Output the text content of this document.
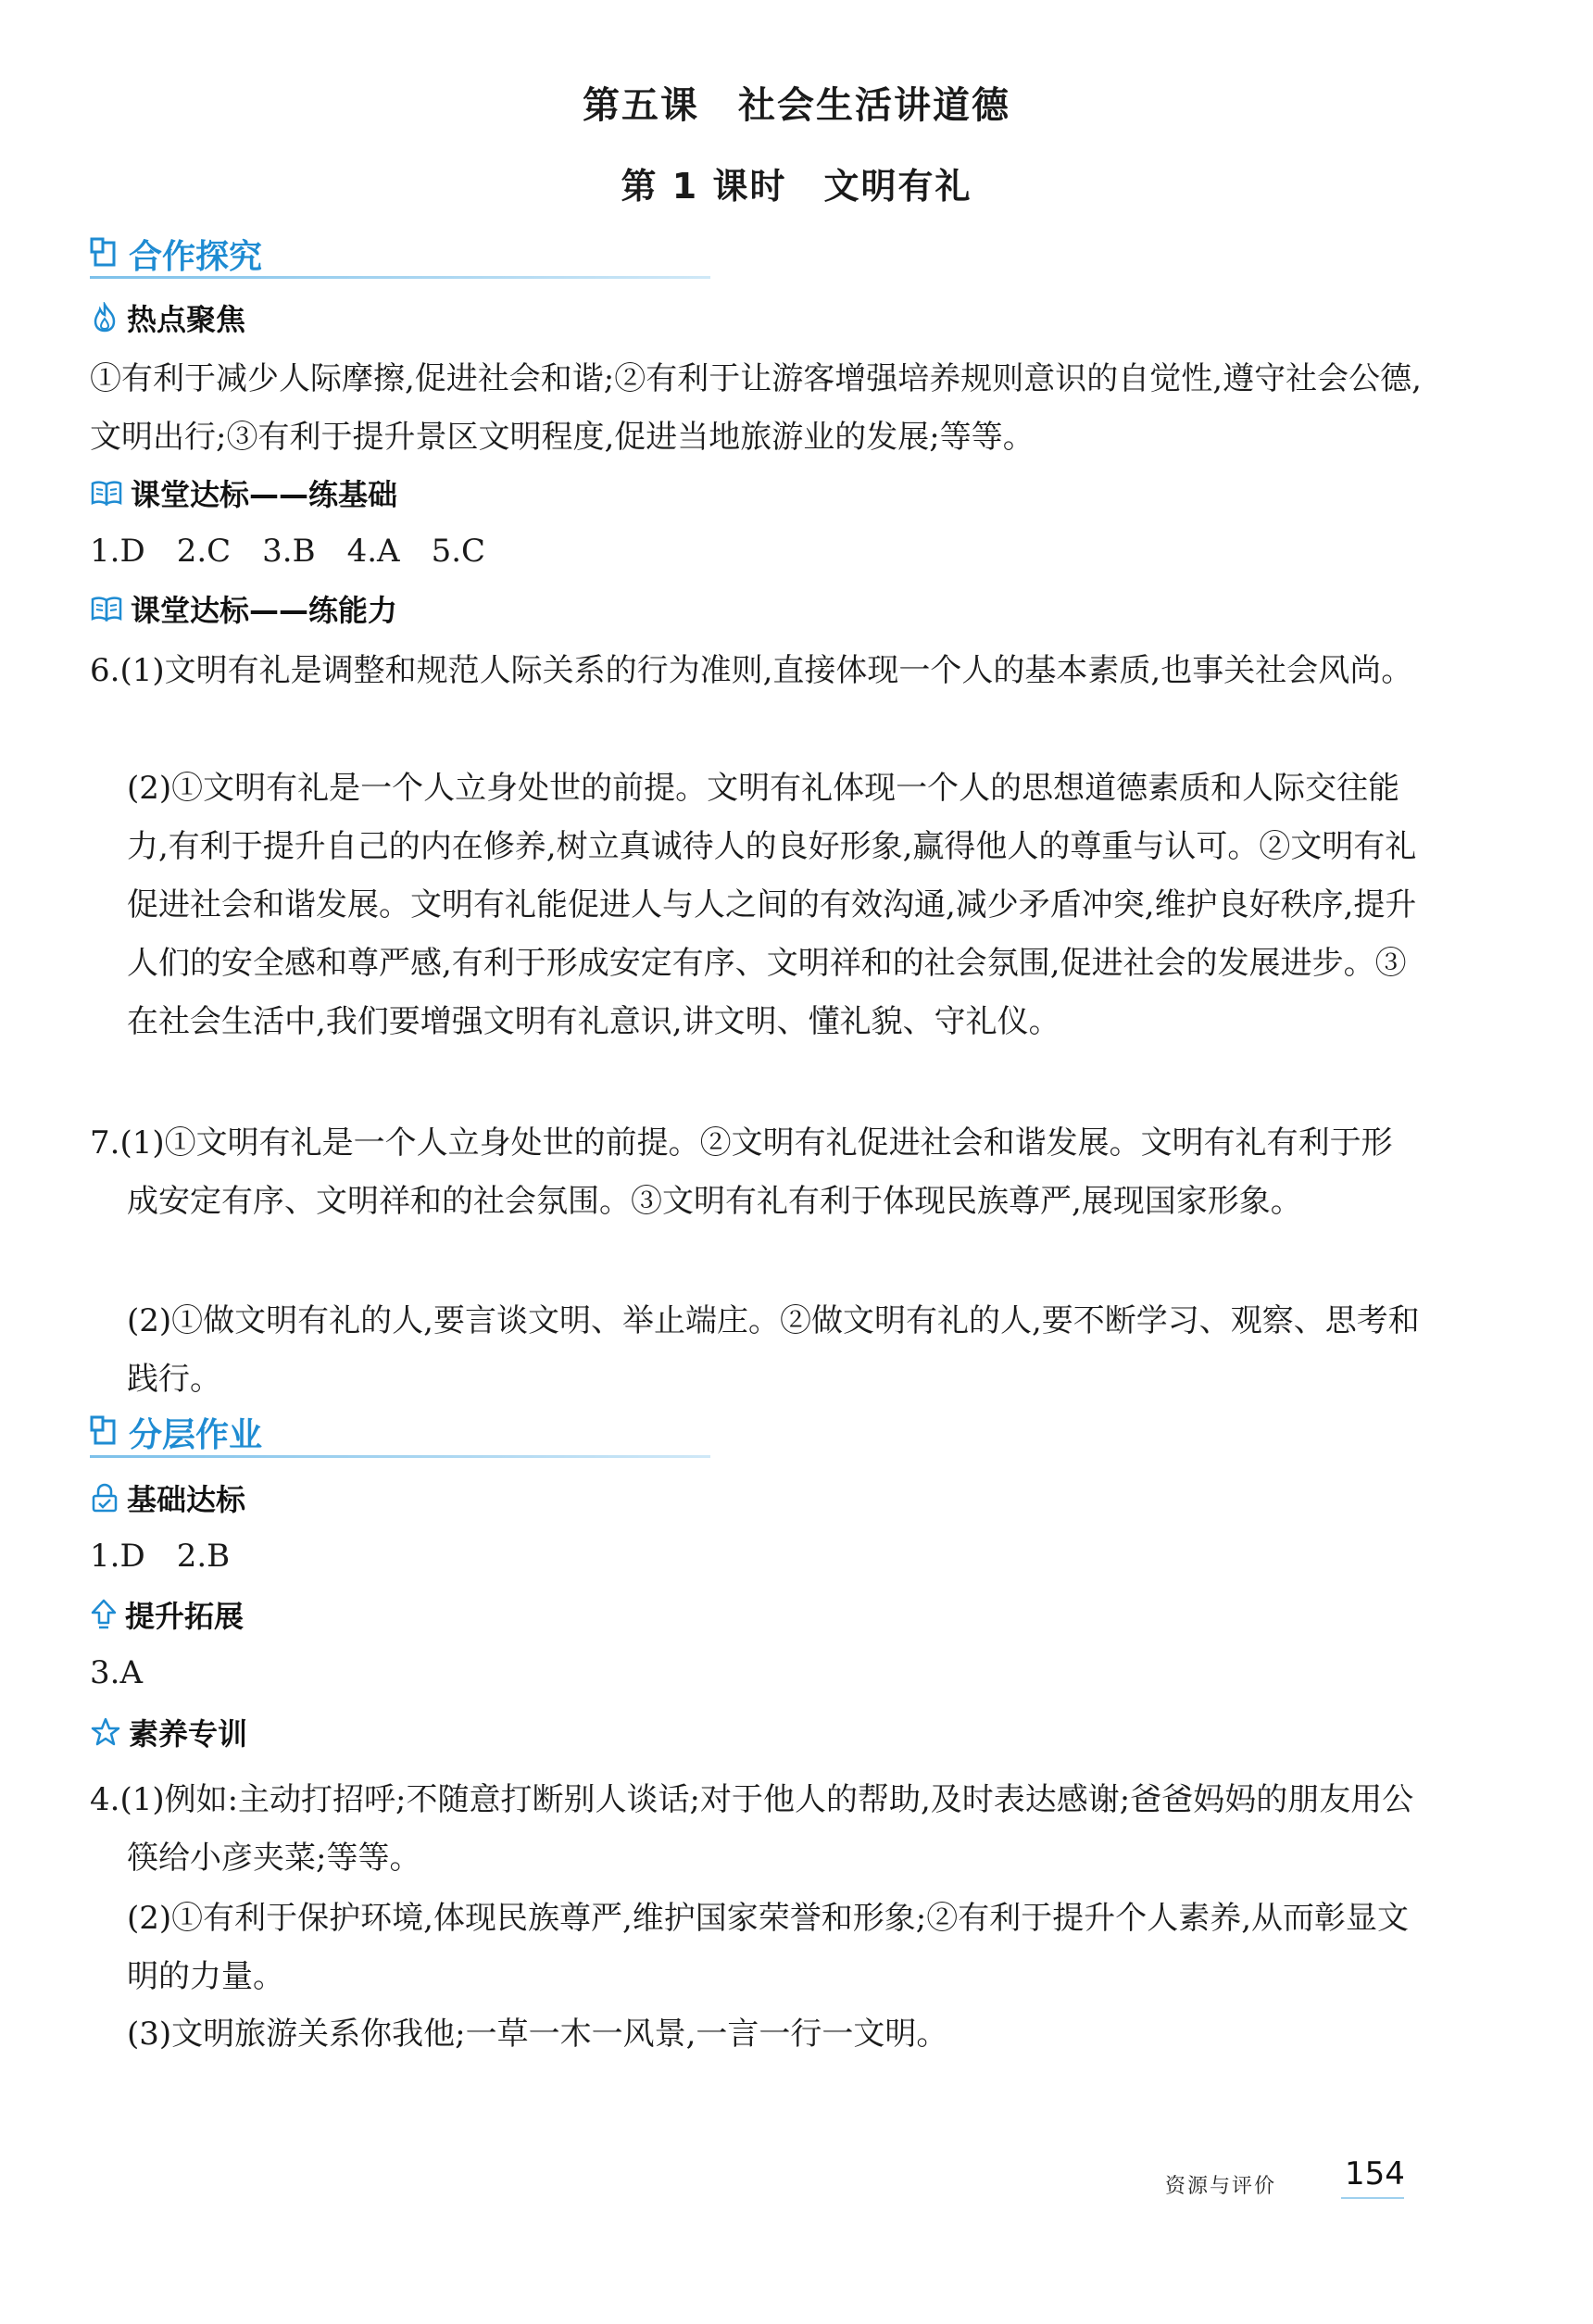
第五课　社会生活讲道德
第 1 课时　文明有礼
合作探究
热点聚焦
①有利于减少人际摩擦,促进社会和谐;②有利于让游客增强培养规则意识的自觉性,遵守社会公德,文明出行;③有利于提升景区文明程度,促进当地旅游业的发展;等等。
课堂达标——练基础
1.D　2.C　3.B　4.A　5.C
课堂达标——练能力
6.(1)文明有礼是调整和规范人际关系的行为准则,直接体现一个人的基本素质,也事关社会风尚。
(2)①文明有礼是一个人立身处世的前提。文明有礼体现一个人的思想道德素质和人际交往能力,有利于提升自己的内在修养,树立真诚待人的良好形象,赢得他人的尊重与认可。②文明有礼促进社会和谐发展。文明有礼能促进人与人之间的有效沟通,减少矛盾冲突,维护良好秩序,提升人们的安全感和尊严感,有利于形成安定有序、文明祥和的社会氛围,促进社会的发展进步。③在社会生活中,我们要增强文明有礼意识,讲文明、懂礼貌、守礼仪。
7.(1)①文明有礼是一个人立身处世的前提。②文明有礼促进社会和谐发展。文明有礼有利于形成安定有序、文明祥和的社会氛围。③文明有礼有利于体现民族尊严,展现国家形象。
(2)①做文明有礼的人,要言谈文明、举止端庄。②做文明有礼的人,要不断学习、观察、思考和践行。
分层作业
基础达标
1.D　2.B
提升拓展
3.A
素养专训
4.(1)例如:主动打招呼;不随意打断别人谈话;对于他人的帮助,及时表达感谢;爸爸妈妈的朋友用公筷给小彦夹菜;等等。
(2)①有利于保护环境,体现民族尊严,维护国家荣誉和形象;②有利于提升个人素养,从而彰显文明的力量。
(3)文明旅游关系你我他;一草一木一风景,一言一行一文明。
资源与评价 154
